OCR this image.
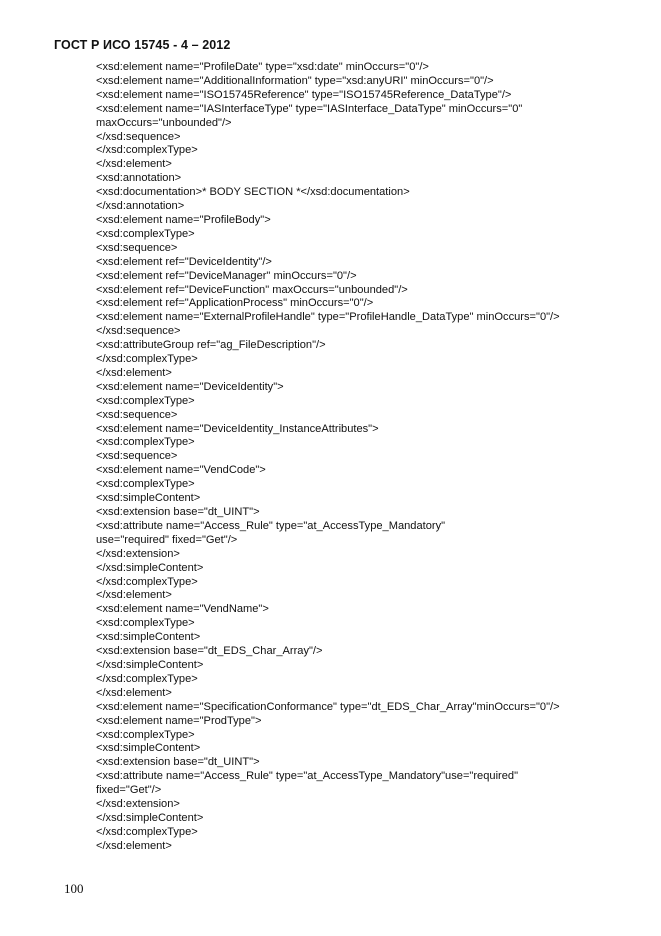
ГОСТ Р ИСО 15745 - 4 – 2012
<xsd:element name="ProfileDate" type="xsd:date" minOccurs="0"/>
<xsd:element name="AdditionalInformation" type="xsd:anyURI" minOccurs="0"/>
<xsd:element name="ISO15745Reference" type="ISO15745Reference_DataType"/>
<xsd:element name="IASInterfaceType" type="IASInterface_DataType" minOccurs="0"
maxOccurs="unbounded"/>
</xsd:sequence>
</xsd:complexType>
</xsd:element>
<xsd:annotation>
<xsd:documentation>* BODY SECTION *</xsd:documentation>
</xsd:annotation>
<xsd:element name="ProfileBody">
<xsd:complexType>
<xsd:sequence>
<xsd:element ref="DeviceIdentity"/>
<xsd:element ref="DeviceManager" minOccurs="0"/>
<xsd:element ref="DeviceFunction" maxOccurs="unbounded"/>
<xsd:element ref="ApplicationProcess" minOccurs="0"/>
<xsd:element name="ExternalProfileHandle" type="ProfileHandle_DataType" minOccurs="0"/>
</xsd:sequence>
<xsd:attributeGroup ref="ag_FileDescription"/>
</xsd:complexType>
</xsd:element>
<xsd:element name="DeviceIdentity">
<xsd:complexType>
<xsd:sequence>
<xsd:element name="DeviceIdentity_InstanceAttributes">
<xsd:complexType>
<xsd:sequence>
<xsd:element name="VendCode">
<xsd:complexType>
<xsd:simpleContent>
<xsd:extension base="dt_UINT">
<xsd:attribute name="Access_Rule" type="at_AccessType_Mandatory"
use="required" fixed="Get"/>
</xsd:extension>
</xsd:simpleContent>
</xsd:complexType>
</xsd:element>
<xsd:element name="VendName">
<xsd:complexType>
<xsd:simpleContent>
<xsd:extension base="dt_EDS_Char_Array"/>
</xsd:simpleContent>
</xsd:complexType>
</xsd:element>
<xsd:element name="SpecificationConformance" type="dt_EDS_Char_Array"minOccurs="0"/>
<xsd:element name="ProdType">
<xsd:complexType>
<xsd:simpleContent>
<xsd:extension base="dt_UINT">
<xsd:attribute name="Access_Rule" type="at_AccessType_Mandatory"use="required"
fixed="Get"/>
</xsd:extension>
</xsd:simpleContent>
</xsd:complexType>
</xsd:element>
100
